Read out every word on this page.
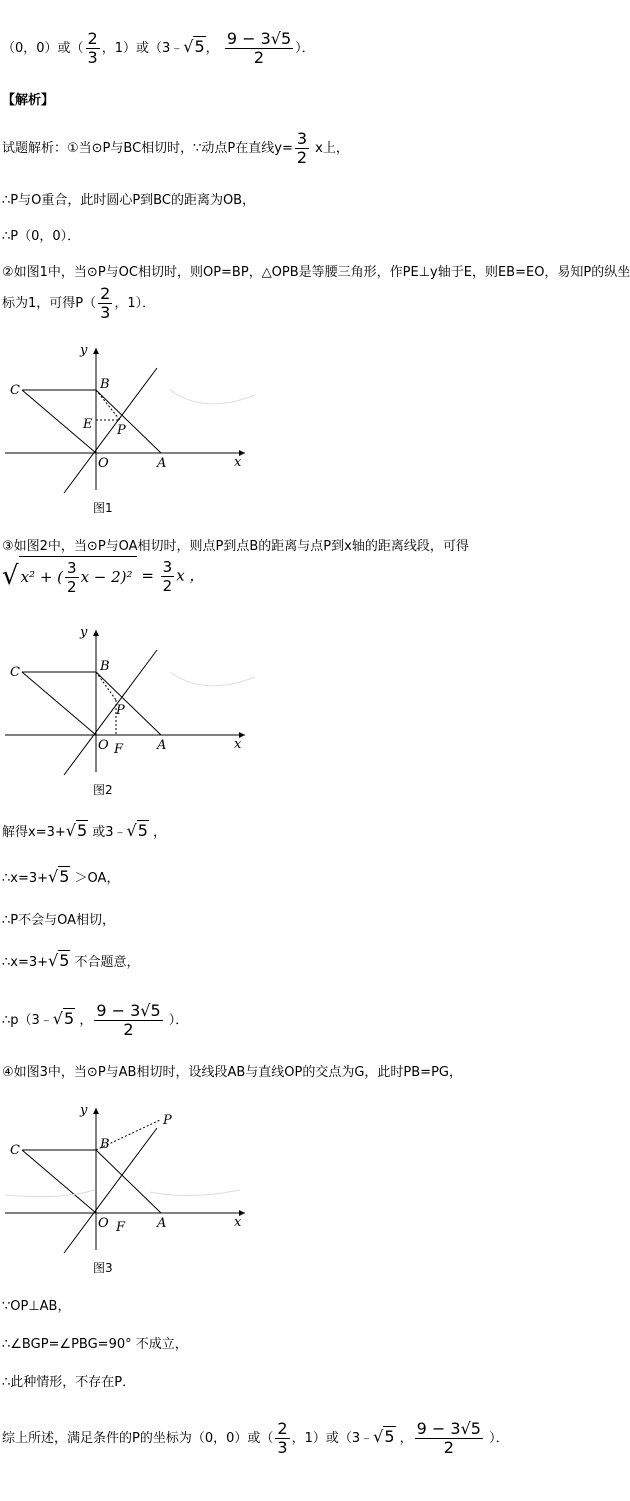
（0，0）或（ $\frac{2}{3}$ ，1）或（3﹣√5， $\frac{9 - 3√5}{2}$ ）．
【解析】
试题解析：①当⊙P与BC相切时，∵动点P在直线$y= \frac{3}{2}$ x上，
∴P与O重合，此时圆心P到BC的距离为OB，
∴P（0，0）．
②如图1中，当⊙P与OC相切时，则OP=BP，△OPB是等腰三角形，作PE⊥y轴于E，则EB=EO，易知P的纵坐
标为1，可得$P( \frac{2}{3}$ ，1）．
y
x
B
C
E P
O	A
图1
③如图2中，当⊙P与OA相切时，则点P到点B的距离与点P到x轴的距离线段，可得
√ x² + ( $\frac{3}{2}$ $x - 2)^2 = \frac{3}{2}$ x ，
y
x
B
C
P
O F	A
图2
解得x=3+√5 或3﹣√5 ，
∴x=3+√5 ＞OA，
∴P不会与OA相切，
∴x=3+√5 不合题意，
∴p（3﹣√5 ， $\frac{9 - 3√5}{2}$ ）．
④如图3中，当⊙P与AB相切时，设线段AB与直线OP的交点为G，此时PB=PG，
y
x
B
C
P
O F A
图3
∵OP⊥AB，
∴∠BGP=∠PBG=90° 不成立，
∴此种情形，不存在P．
综上所述，满足条件的P的坐标为（0，0）或（ $\frac{2}{3}$ ，1）或（3﹣√5 ， $\frac{9 - 3√5}{2}$ ）．
